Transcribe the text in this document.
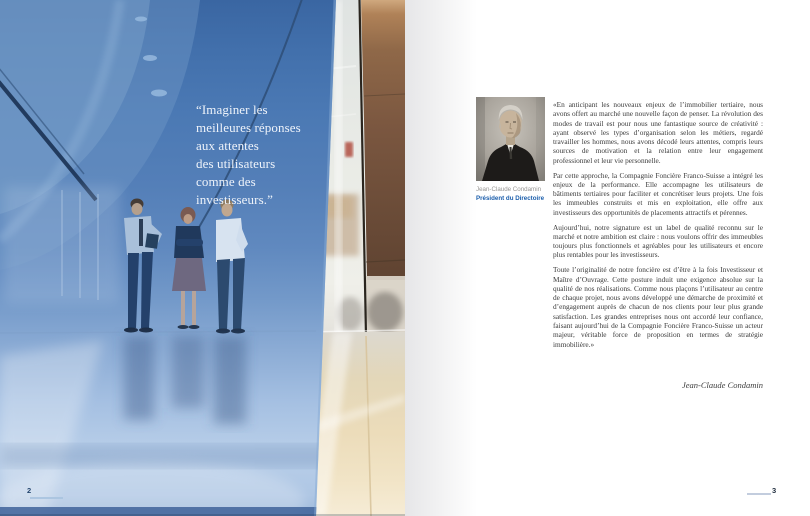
“Imaginer les
meilleures réponses
aux attentes
des utilisateurs
comme des
investisseurs.”
2
Jean-Claude Condamin
Président du Directoire

«En anticipant les nouveaux enjeux de l’immobilier tertiaire, nous avons offert au marché une nouvelle façon de penser. La révolution des modes de travail est pour nous une fantastique source de créativité : ayant observé les types d’organisation selon les métiers, regardé travailler les hommes, nous avons décodé leurs attentes, compris leurs sources de motivation et la relation entre leur engagement professionnel et leur vie personnelle.

Par cette approche, la Compagnie Foncière Franco-Suisse a intégré les enjeux de la performance. Elle accompagne les utilisateurs de bâtiments tertiaires pour faciliter et concrétiser leurs projets. Une fois les immeubles construits et mis en exploitation, elle offre aux investisseurs des opportunités de placements attractifs et pérennes.

Aujourd’hui, notre signature est un label de qualité reconnu sur le marché et notre ambition est claire : nous voulons offrir des immeubles toujours plus fonctionnels et agréables pour les utilisateurs et encore plus rentables pour les investisseurs.

Toute l’originalité de notre foncière est d’être à la fois Investisseur et Maître d’Ouvrage. Cette posture induit une exigence absolue sur la qualité de nos réalisations. Comme nous plaçons l’utilisateur au centre de chaque projet, nous avons développé une démarche de proximité et d’engagement auprès de chacun de nos clients pour leur plus grande satisfaction. Les grandes entreprises nous ont accordé leur confiance, faisant aujourd’hui de la Compagnie Foncière Franco-Suisse un acteur majeur, véritable force de proposition en termes de stratégie immobilière.»

Jean-Claude Condamin
3
